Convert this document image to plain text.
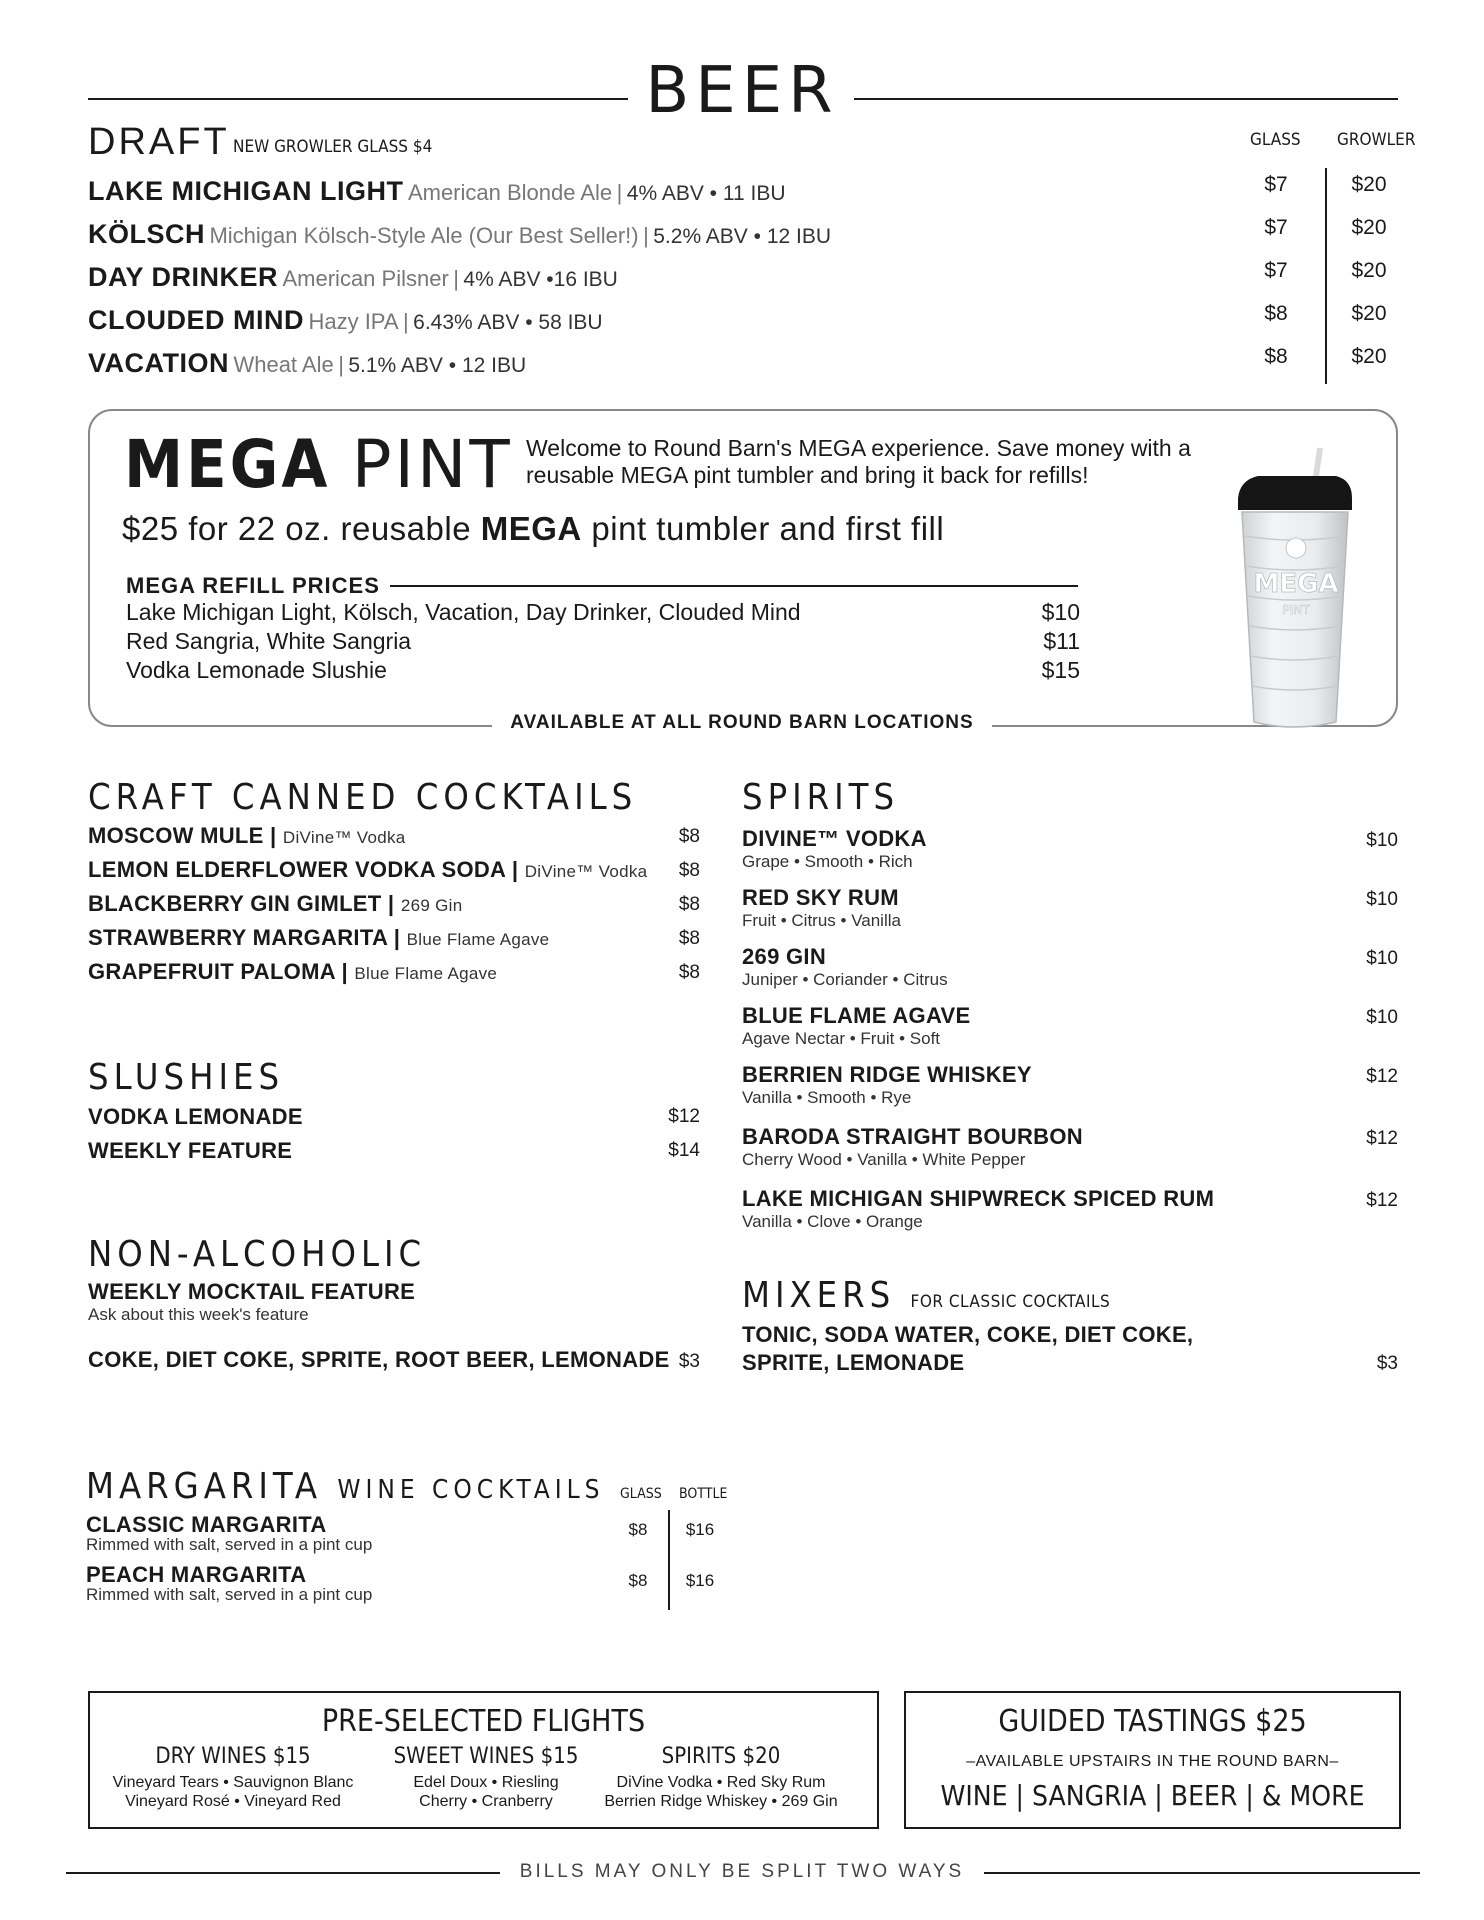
BEER
DRAFT NEW GROWLER GLASS $4	GLASS GROWLER
LAKE MICHIGAN LIGHT American Blonde Ale | 4% ABV • 11 IBU	$7	$20
KÖLSCH Michigan Kölsch-Style Ale (Our Best Seller!) | 5.2% ABV • 12 IBU	$7	$20
DAY DRINKER American Pilsner | 4% ABV •16 IBU	$7	$20
CLOUDED MIND Hazy IPA | 6.43% ABV • 58 IBU	$8	$20
VACATION Wheat Ale | 5.1% ABV • 12 IBU	$8	$20
MEGA PINT Welcome to Round Barn's MEGA experience. Save money with a reusable MEGA pint tumbler and bring it back for refills!
$25 for 22 oz. reusable MEGA pint tumbler and first fill
MEGA REFILL PRICES
Lake Michigan Light, Kölsch, Vacation, Day Drinker, Clouded Mind	$10
Red Sangria, White Sangria	$11
Vodka Lemonade Slushie	$15
AVAILABLE AT ALL ROUND BARN LOCATIONS
MEGA
PINT
CRAFT CANNED COCKTAILS
MOSCOW MULE | DiVine™ Vodka	$8
LEMON ELDERFLOWER VODKA SODA | DiVine™ Vodka	$8
BLACKBERRY GIN GIMLET | 269 Gin	$8
STRAWBERRY MARGARITA | Blue Flame Agave	$8
GRAPEFRUIT PALOMA | Blue Flame Agave	$8
SLUSHIES
VODKA LEMONADE	$12
WEEKLY FEATURE	$14
NON-ALCOHOLIC
WEEKLY MOCKTAIL FEATURE
Ask about this week's feature
COKE, DIET COKE, SPRITE, ROOT BEER, LEMONADE $3
SPIRITS
DIVINE™ VODKA
Grape • Smooth • Rich
$10
RED SKY RUM
Fruit • Citrus • Vanilla
$10
269 GIN
Juniper • Coriander • Citrus
$10
BLUE FLAME AGAVE
Agave Nectar • Fruit • Soft
$10
BERRIEN RIDGE WHISKEY
Vanilla • Smooth • Rye
$12
BARODA STRAIGHT BOURBON
Cherry Wood • Vanilla • White Pepper
$12
LAKE MICHIGAN SHIPWRECK SPICED RUM
Vanilla • Clove • Orange
$12
MIXERS FOR CLASSIC COCKTAILS
TONIC, SODA WATER, COKE, DIET COKE,
SPRITE, LEMONADE	$3
MARGARITA WINE COCKTAILS GLASS BOTTLE
CLASSIC MARGARITA
Rimmed with salt, served in a pint cup
$8	$16
PEACH MARGARITA
Rimmed with salt, served in a pint cup
$8	$16
PRE-SELECTED FLIGHTS
DRY WINES $15
Vineyard Tears • Sauvignon Blanc
Vineyard Rosé • Vineyard Red
SWEET WINES $15
Edel Doux • Riesling
Cherry • Cranberry
SPIRITS $20
DiVine Vodka • Red Sky Rum
Berrien Ridge Whiskey • 269 Gin
GUIDED TASTINGS $25
–AVAILABLE UPSTAIRS IN THE ROUND BARN–
WINE | SANGRIA | BEER | & MORE
BILLS MAY ONLY BE SPLIT TWO WAYS
